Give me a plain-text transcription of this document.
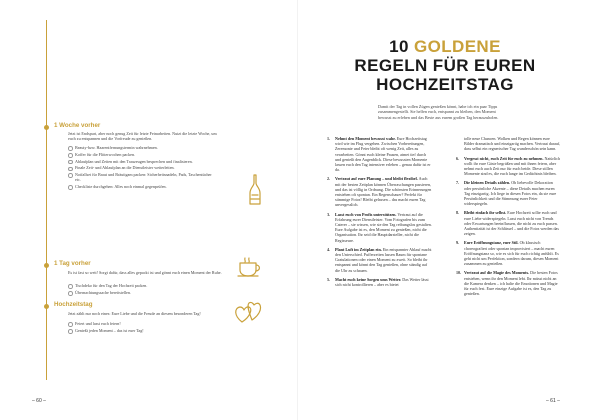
1 Woche vorher
Jetzt ist Endspurt, aber noch genug Zeit für letzte Feinarbeiten. Nutzt die letzte Woche, um euch zu entspannen und die Vorfreude zu genießen.
Beauty-bzw. Haarentfernungstermin wahrnehmen.
Koffer für die Flitterwochen packen.
Ablaufplan und Zeiten mit den Trauzeugen besprechen und finalisieren.
Finale Zeit- und Ablaufplan an die Dienstleister weiterleiten.
Notfallset für Braut und Bräutigam packen: Sicherheitsnadeln, Pads, Taschentücher etc.
Checkliste durchgehen: Alles noch einmal gegenprüfen.
1 Tag vorher
Es ist fast so weit! Sorgt dafür, dass alles gepackt ist und gönnt euch einen Moment der Ruhe.
Tischdeko für den Tag der Hochzeit packen.
Übernachtungssache bereitstellen.
Hochzeitstag
Jetzt zählt nur noch eines: Eure Liebe und die Freude an diesem besonderen Tag!
Feiert und lasst euch feiern!
Genießt jeden Moment – das ist euer Tag!
– 60 –
10 GOLDENE
REGELN FÜR EUREN
HOCHZEITSTAG
Damit der Tag in vollen Zügen genießen könnt, habe ich ein paar Tipps zusammengestellt. Sie helfen euch, entspannt zu bleiben, den Moment bewusst zu erleben und das Beste aus eurem großen Tag herauszuholen.
1. Nehmt den Moment bewusst wahr. Eure Hochzeitstag wird wie im Flug vergehen. Zwischen Vorbereitungen, Zeremonie und Feier bleibt oft wenig Zeit, alles zu verarbeiten. Gönnt euch kleine Pausen, atmet tief durch und genießt den Augenblick. Diese bewussten Momente lassen euch den Tag intensiver erleben – genau dafür ist er da.
2. Vertraut auf eure Planung – und bleibt flexibel. Auch mit der besten Zeitplan können Überraschungen passieren, und das ist völlig in Ordnung. Die schönsten Erinnerungen entstehen oft spontan. Ein Regenschauer? Perfekt für stimmige Fotos! Bleibt gelassen – das macht euren Tag unvergesslich.
3. Lasst euch von Profis unterstützen. Vertraut auf die Erfahrung eurer Dienstleister. Vom Fotografen bis zum Caterer – sie wissen, wie sie den Tag reibungslos gestalten. Eure Aufgabe ist es, den Moment zu genießen, nicht die Organisation. Ihr seid die Hauptdarsteller, nicht die Regisseure.
4. Plant Luft im Zeitplan ein. Ein entspannter Ablauf macht den Unterschied. Pufferzeiten lassen Raum für spontane Gratulationen oder einen Moment zu zweit. So bleibt ihr entspannt und könnt den Tag genießen, ohne ständig auf die Uhr zu schauen.
5. Macht euch keine Sorgen ums Wetter. Das Wetter lässt sich nicht kontrollieren – aber es bietet
tolle neue Chancen. Wolken und Regen können eure Bilder dramatisch und einzigartig machen. Vertraut darauf, dass selbst ein regnerischer Tag wunderschön sein kann.
6. Vergesst nicht, euch Zeit für euch zu nehmen. Natürlich wollt ihr eure Gäste begrüßen und mit ihnen feiern, aber nehmt euch auch Zeit nur für euch beide. Diese stillen Momente sind es, die euch lange im Gedächtnis bleiben.
7. Die kleinen Details zählen. Ob liebevolle Dekoration oder persönliche Akzente – diese Details machen euren Tag einzigartig. Ich liege in diesen Fotos ein, da sie eure Persönlichkeit und die Stimmung eurer Feier widerspiegeln.
8. Bleibt einfach ihr selbst. Eure Hochzeit sollte euch und eure Liebe widerspiegeln. Lasst euch nicht von Trends oder Erwartungen beeinflussen, die nicht zu euch passen. Authentizität ist der Schlüssel – und die Fotos werden das zeigen.
9. Eure Eröffnungstanz, euer Stil. Ob klassisch choreografiert oder spontan improvisiert – macht euren Eröffnungstanz so, wie es sich für euch richtig anfühlt. Es geht nicht um Perfektion, sondern darum, diesen Moment zusammen zu genießen.
10. Vertraut auf die Magie des Moments. Die besten Fotos entstehen, wenn ihr den Moment lebt. Ihr müsst nicht an die Kamera denken – ich halte die Emotionen und Magie für euch fest. Eure einzige Aufgabe ist es, den Tag zu genießen.
– 61 –
